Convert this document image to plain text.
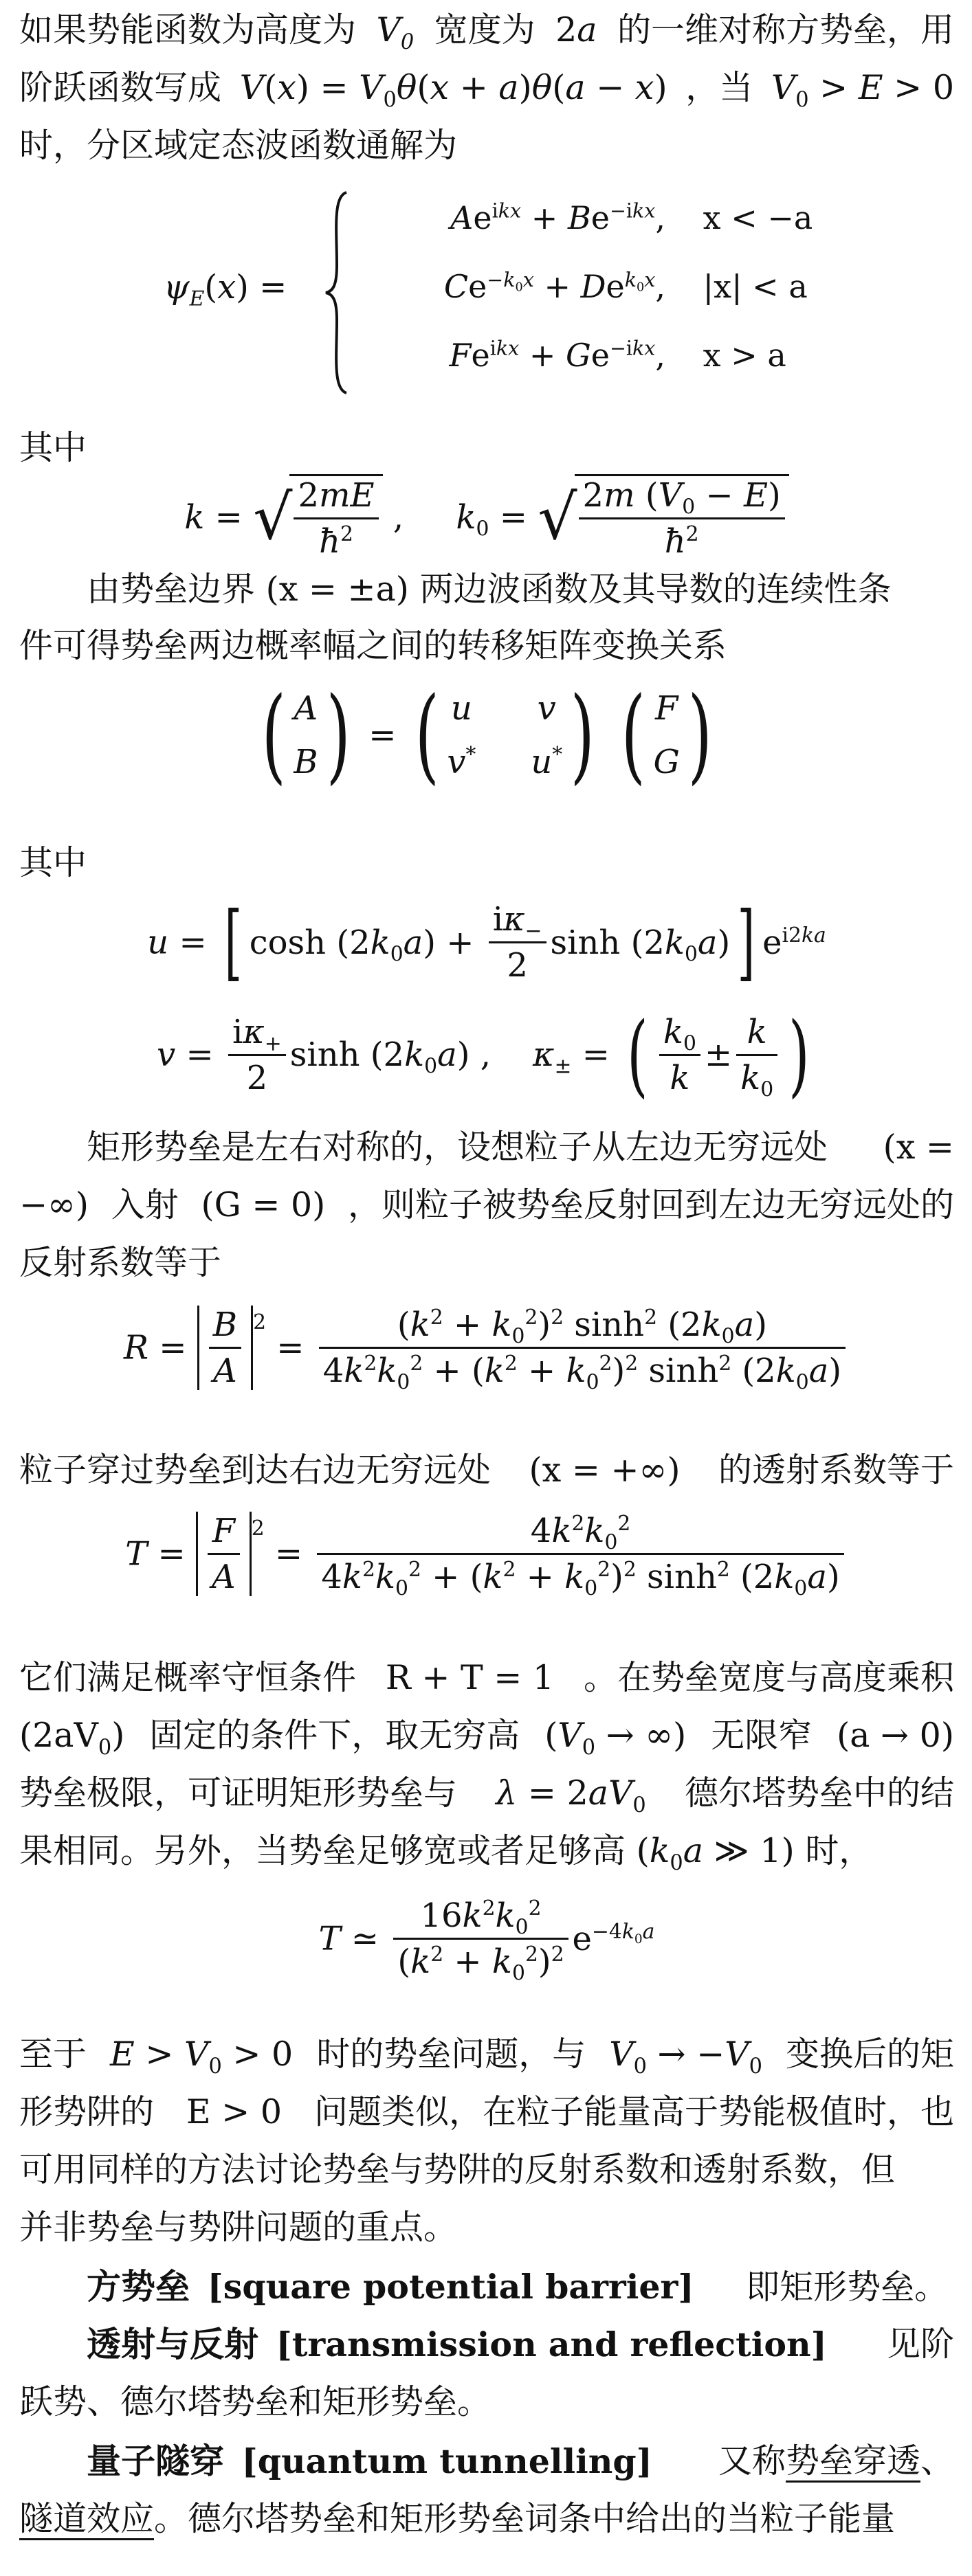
如果势能函数为高度为 $V_0$ 宽度为 2a 的一维对称方势垒，用
阶跃函数写成 $V(x) = V_0\theta(x + a)\theta(a - x)$ ，当 $V_0 > E > 0$
时，分区域定态波函数通解为
$\psi_E(x)$ =
$Ae^{ikx} + Be^{-ikx}$, x < −a
$Ce^{-k_0x} + De^{k_0x}$, |x| < a
$Fe^{ikx} + Ge^{-ikx}$, x > a
其中
k = √ $\frac{2mE}{ħ^2}$ ,     $k_0$ = √ $\frac{2m (V_0 - E)}{ħ^2}$
由势垒边界 (x = ±a) 两边波函数及其导数的连续性条
件可得势垒两边概率幅之间的转移矩阵变换关系
( A
B ) = ( u v
v* u* ) ( F
G )
其中
u = [ $\cosh (2k_0a) + \frac{i\kappa_-}{2}$ $\sinh (2k_0a)$] $e^{i2ka}$
$v = \frac{i\kappa_+}{2}$ $\sinh (2k_0a)$ ,    $\kappa_\pm$ = ( $\frac{k_0}{k} \pm \frac{k}{k_0}$ )
矩形势垒是左右对称的，设想粒子从左边无穷远处 (x =
−∞) 入射 (G = 0) ，则粒子被势垒反射回到左边无穷远处的
反射系数等于
$R = \frac{B}{A} ^2 = \frac{(k^2 + k_0^2)^2 \sinh^2 (2k_0a)}{4k^2k_0^2 + (k^2 + k_0^2)^2 \sinh^2 (2k_0a)}$
粒子穿过势垒到达右边无穷远处 (x = +∞) 的透射系数等于
$T = \frac{F}{A} ^2 = \frac{4k^2k_0^2}{4k^2k_0^2 + (k^2 + k_0^2)^2 \sinh^2 (2k_0a)}$
它们满足概率守恒条件 R + T = 1 。在势垒宽度与高度乘积
$(2aV_0)$ 固定的条件下，取无穷高 ($V_0$ → ∞) 无限窄 (a → 0)
势垒极限，可证明矩形势垒与 $\lambda = 2aV_0$ 德尔塔势垒中的结
果相同。另外，当势垒足够宽或者足够高 ($k_0a$ ≫ 1) 时，
T ≃ $\frac{16k^2k_0^2}{(k^2 + k_0^2)^2} e^{-4k_0a}$
至于 $E > V_0 > 0$ 时的势垒问题，与 $V_0 \to -V_0$ 变换后的矩
形势阱的 E > 0 问题类似，在粒子能量高于势能极值时，也
可用同样的方法讨论势垒与势阱的反射系数和透射系数，但
并非势垒与势阱问题的重点。
方势垒 [square potential barrier] 即矩形势垒。
透射与反射 [transmission and reflection] 见阶
跃势、德尔塔势垒和矩形势垒。
量子隧穿 [quantum tunnelling] 又称势垒穿透、
隧道效应。德尔塔势垒和矩形势垒词条中给出的当粒子能量
